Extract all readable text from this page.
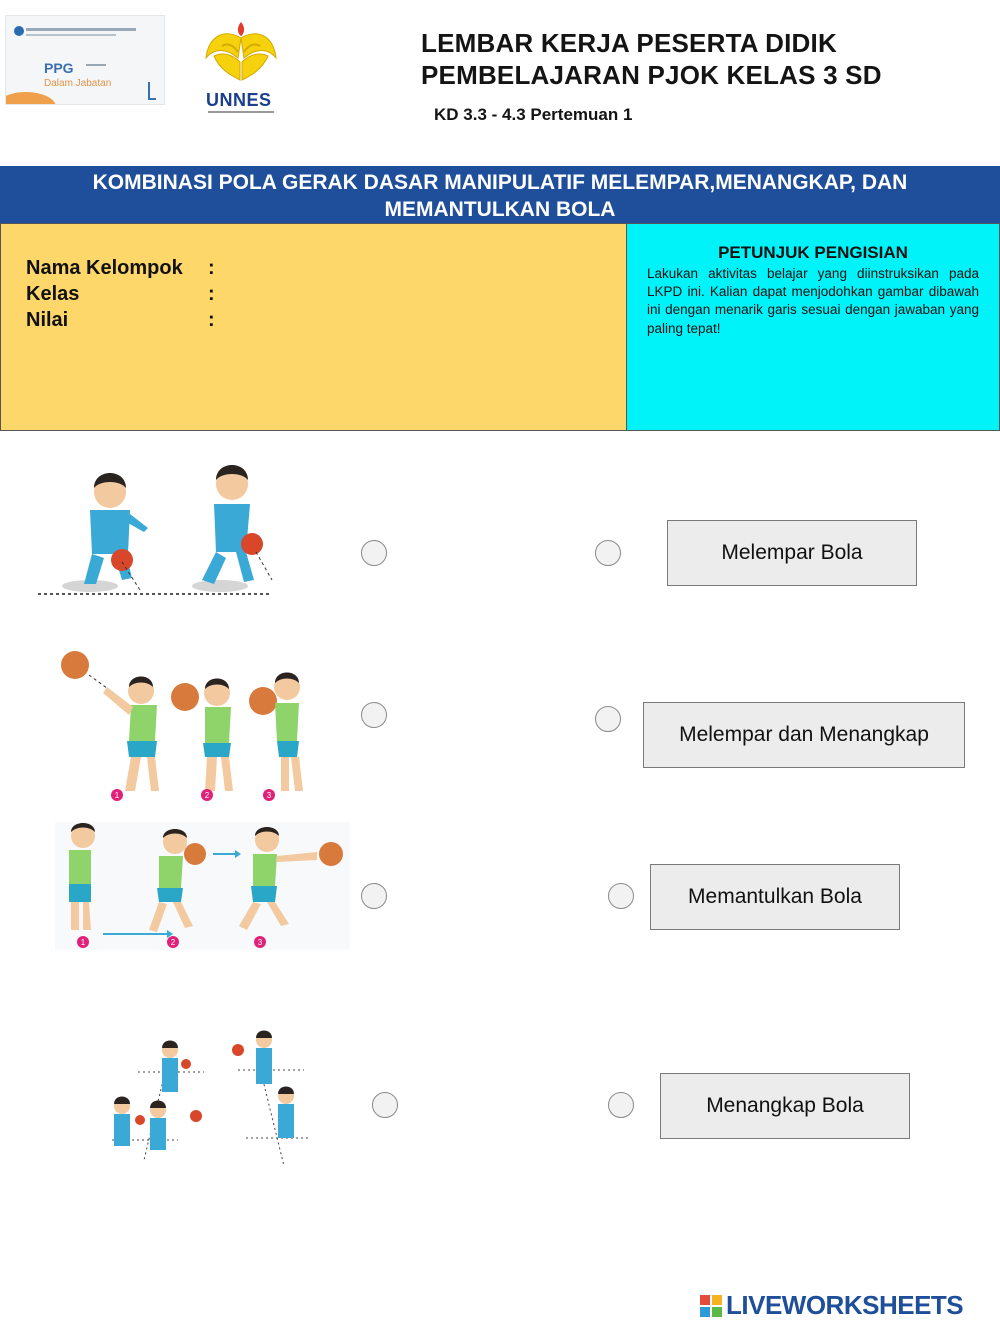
PPG
Dalam Jabatan
UNNES
LEMBAR KERJA PESERTA DIDIK
PEMBELAJARAN PJOK KELAS 3 SD
KD 3.3 - 4.3 Pertemuan 1
KOMBINASI POLA GERAK DASAR MANIPULATIF MELEMPAR,MENANGKAP, DAN
MEMANTULKAN BOLA
Nama Kelompok	:
Kelas	:
Nilai	:
PETUNJUK PENGISIAN
Lakukan aktivitas belajar yang diinstruksikan pada LKPD ini. Kalian dapat menjodohkan gambar dibawah ini dengan menarik garis sesuai dengan jawaban yang paling tepat!
1	2	3
1	2	3
Melempar Bola
Melempar dan Menangkap
Memantulkan Bola
Menangkap Bola
LIVEWORKSHEETS
